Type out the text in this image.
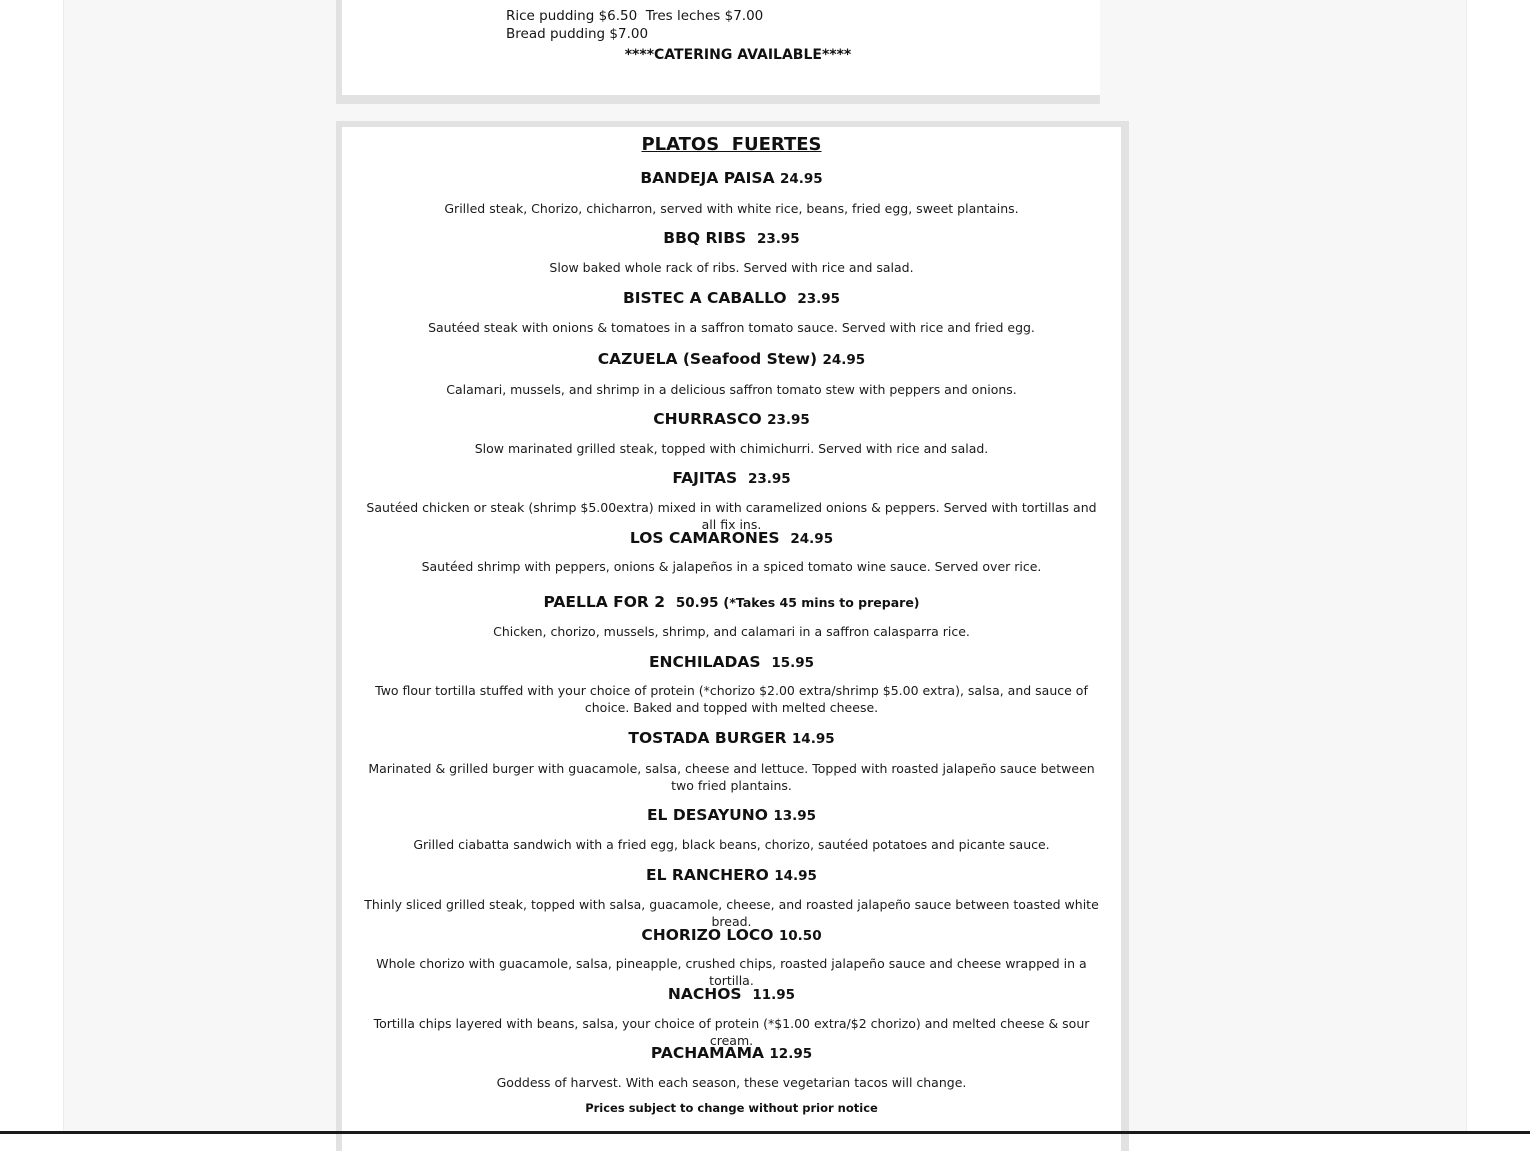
Rice pudding $6.50  Tres leches $7.00
Bread pudding $7.00
****CATERING AVAILABLE****
PLATOS  FUERTES
BANDEJA PAISA 24.95
Grilled steak, Chorizo, chicharron, served with white rice, beans, fried egg, sweet plantains.
BBQ RIBS  23.95
Slow baked whole rack of ribs. Served with rice and salad.
BISTEC A CABALLO  23.95
Sautéed steak with onions & tomatoes in a saffron tomato sauce. Served with rice and fried egg.
CAZUELA (Seafood Stew) 24.95
Calamari, mussels, and shrimp in a delicious saffron tomato stew with peppers and onions.
CHURRASCO 23.95
Slow marinated grilled steak, topped with chimichurri. Served with rice and salad.
FAJITAS  23.95
Sautéed chicken or steak (shrimp $5.00extra) mixed in with caramelized onions & peppers. Served with tortillas and all fix ins.
LOS CAMARONES  24.95
Sautéed shrimp with peppers, onions & jalapeños in a spiced tomato wine sauce. Served over rice.
PAELLA FOR 2  50.95 (*Takes 45 mins to prepare)
Chicken, chorizo, mussels, shrimp, and calamari in a saffron calasparra rice.
ENCHILADAS  15.95
Two flour tortilla stuffed with your choice of protein (*chorizo $2.00 extra/shrimp $5.00 extra), salsa, and sauce of choice. Baked and topped with melted cheese.
TOSTADA BURGER 14.95
Marinated & grilled burger with guacamole, salsa, cheese and lettuce. Topped with roasted jalapeño sauce between two fried plantains.
EL DESAYUNO 13.95
Grilled ciabatta sandwich with a fried egg, black beans, chorizo, sautéed potatoes and picante sauce.
EL RANCHERO 14.95
Thinly sliced grilled steak, topped with salsa, guacamole, cheese, and roasted jalapeño sauce between toasted white bread.
CHORIZO LOCO 10.50
Whole chorizo with guacamole, salsa, pineapple, crushed chips, roasted jalapeño sauce and cheese wrapped in a tortilla.
NACHOS  11.95
Tortilla chips layered with beans, salsa, your choice of protein (*$1.00 extra/$2 chorizo) and melted cheese & sour cream.
PACHAMAMA 12.95
Goddess of harvest. With each season, these vegetarian tacos will change.
Prices subject to change without prior notice
